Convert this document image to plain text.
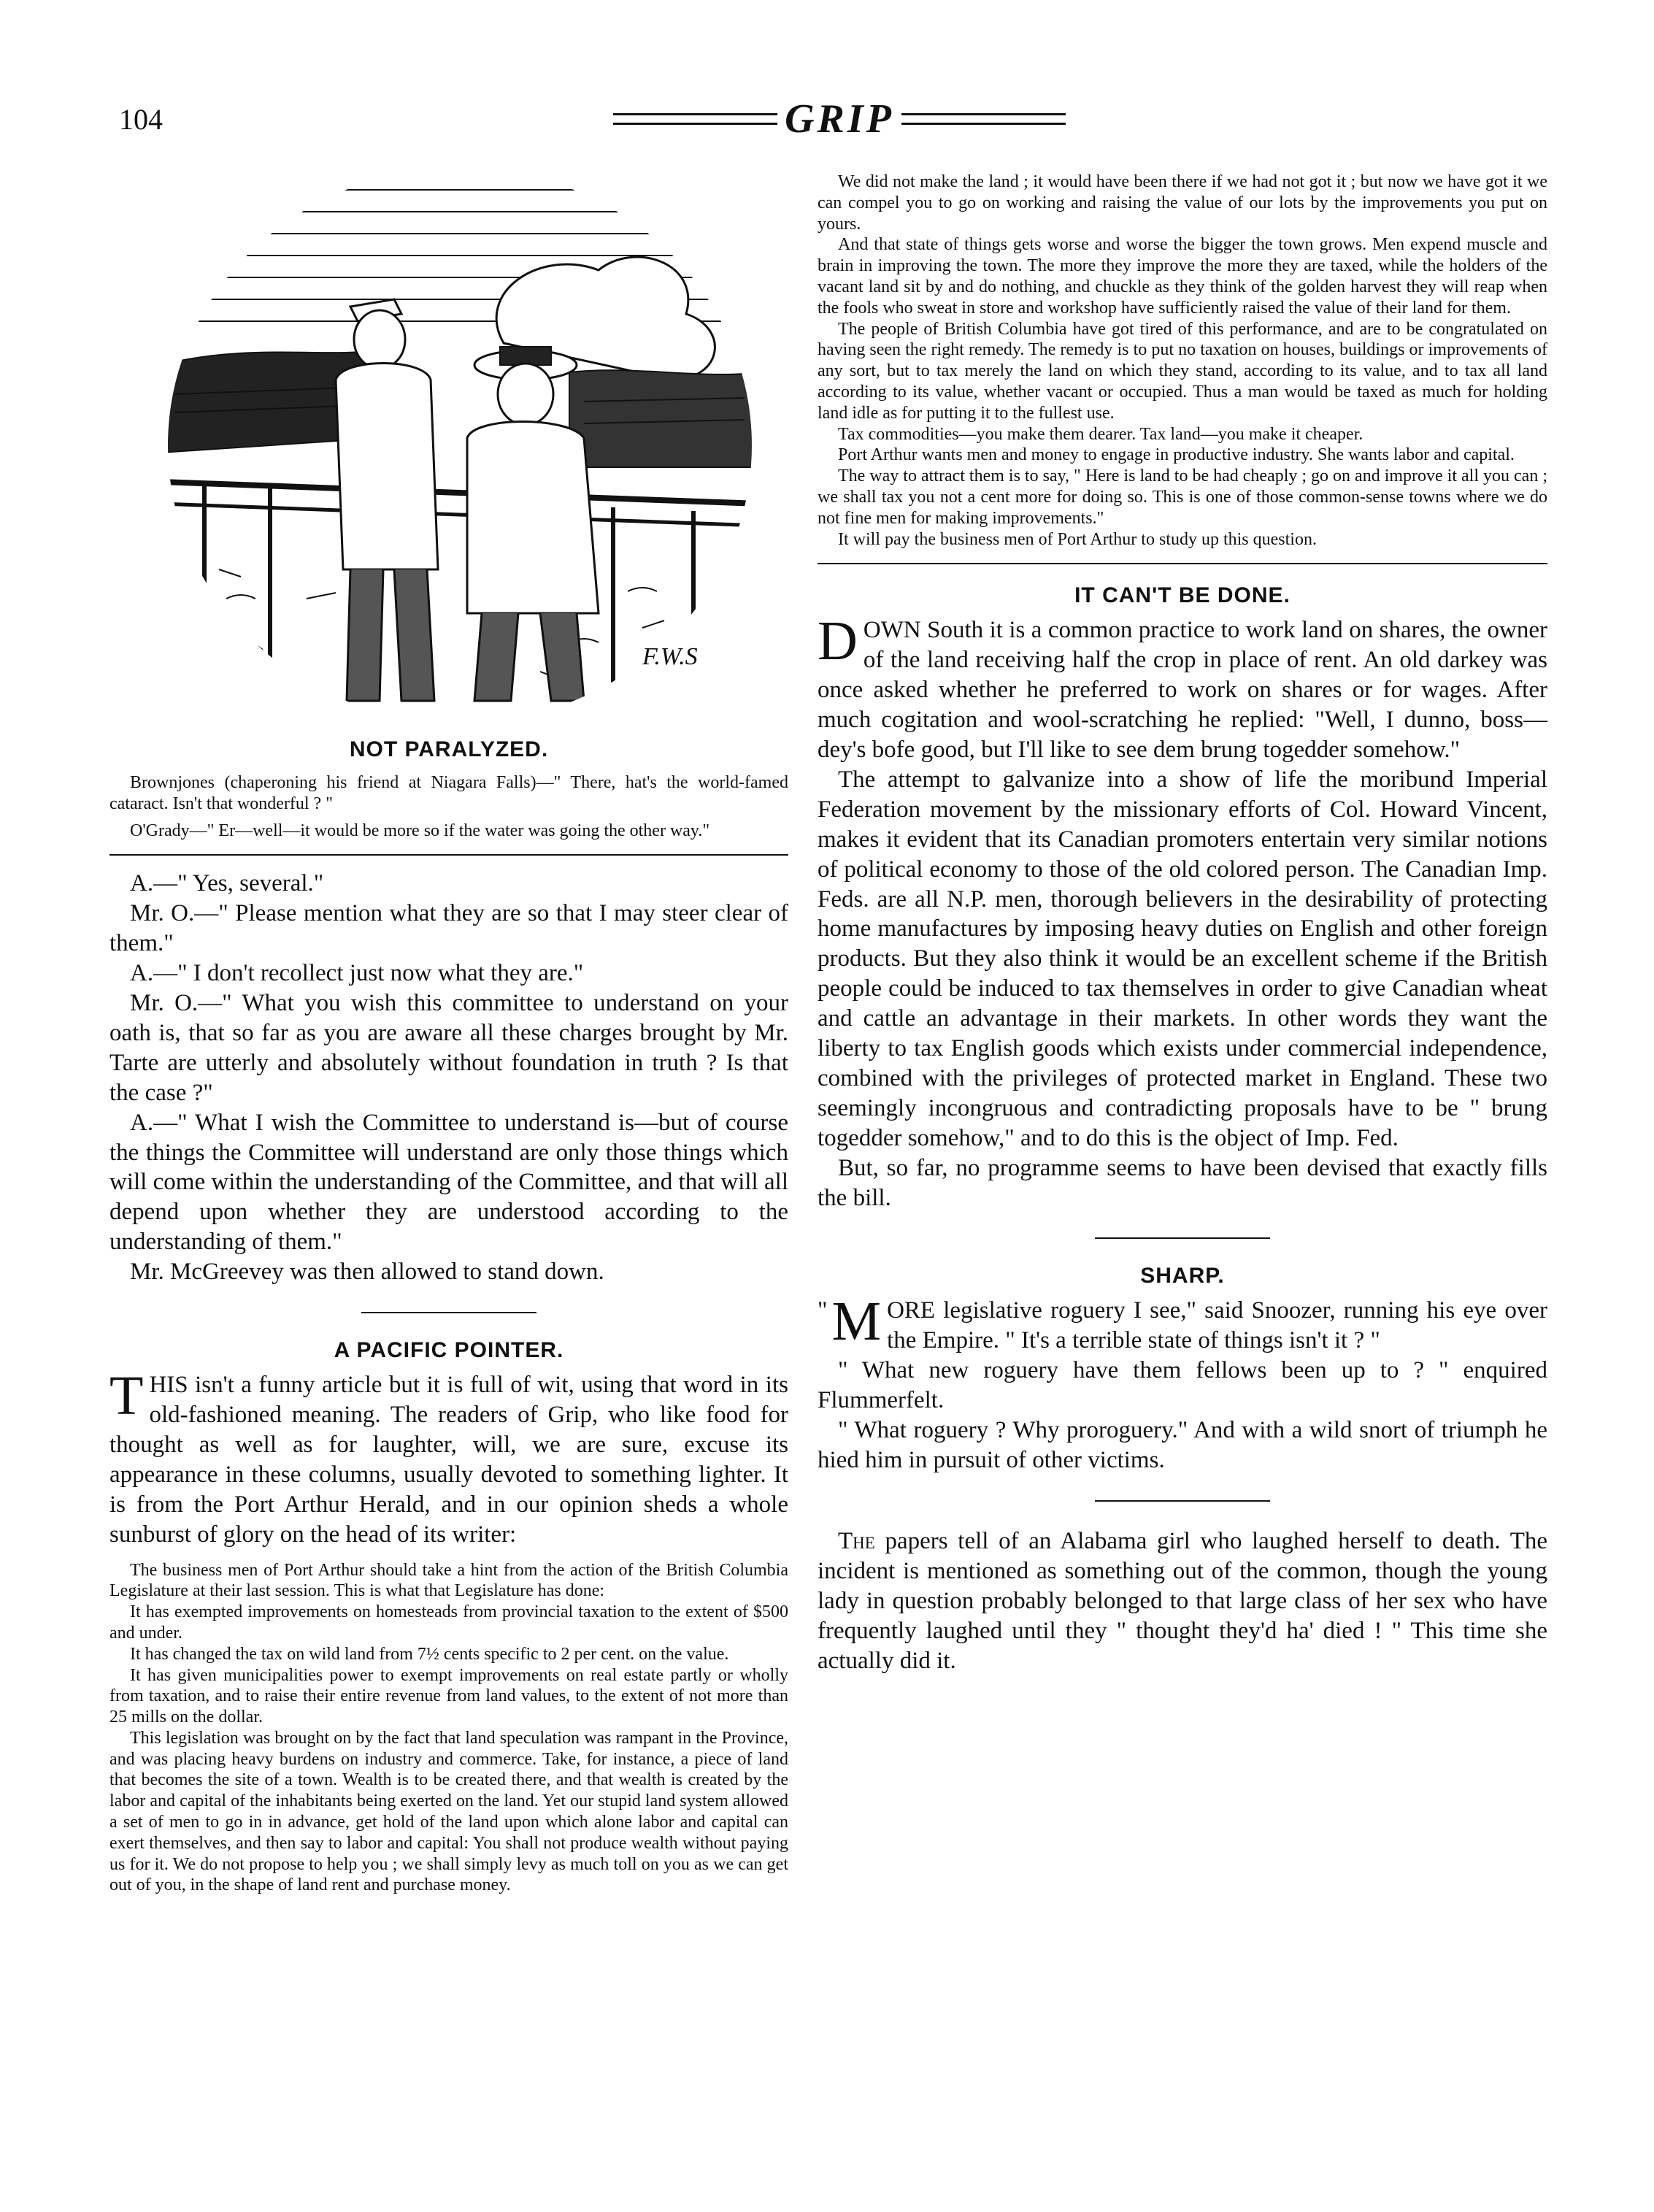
104	GRIP
F.W.S
NOT PARALYZED.

Brownjones (chaperoning his friend at Niagara Falls)—" There, hat's the world-famed cataract. Isn't that wonderful ? "

O'Grady—" Er—well—it would be more so if the water was going the other way."

A.—" Yes, several."

Mr. O.—" Please mention what they are so that I may steer clear of them."

A.—" I don't recollect just now what they are."

Mr. O.—" What you wish this committee to understand on your oath is, that so far as you are aware all these charges brought by Mr. Tarte are utterly and absolutely without foundation in truth ? Is that the case ?"

A.—" What I wish the Committee to understand is—but of course the things the Committee will understand are only those things which will come within the understanding of the Committee, and that will all depend upon whether they are understood according to the understanding of them."

Mr. McGreevey was then allowed to stand down.

A PACIFIC POINTER.

THIS isn't a funny article but it is full of wit, using that word in its old-fashioned meaning. The readers of Grip, who like food for thought as well as for laughter, will, we are sure, excuse its appearance in these columns, usually devoted to something lighter. It is from the Port Arthur Herald, and in our opinion sheds a whole sunburst of glory on the head of its writer:

The business men of Port Arthur should take a hint from the action of the British Columbia Legislature at their last session. This is what that Legislature has done:

It has exempted improvements on homesteads from provincial taxation to the extent of $500 and under.

It has changed the tax on wild land from 7½ cents specific to 2 per cent. on the value.

It has given municipalities power to exempt improvements on real estate partly or wholly from taxation, and to raise their entire revenue from land values, to the extent of not more than 25 mills on the dollar.

This legislation was brought on by the fact that land speculation was rampant in the Province, and was placing heavy burdens on industry and commerce. Take, for instance, a piece of land that becomes the site of a town. Wealth is to be created there, and that wealth is created by the labor and capital of the inhabitants being exerted on the land. Yet our stupid land system allowed a set of men to go in in advance, get hold of the land upon which alone labor and capital can exert themselves, and then say to labor and capital: You shall not produce wealth without paying us for it. We do not propose to help you ; we shall simply levy as much toll on you as we can get out of you, in the shape of land rent and purchase money.

We did not make the land ; it would have been there if we had not got it ; but now we have got it we can compel you to go on working and raising the value of our lots by the improvements you put on yours.

And that state of things gets worse and worse the bigger the town grows. Men expend muscle and brain in improving the town. The more they improve the more they are taxed, while the holders of the vacant land sit by and do nothing, and chuckle as they think of the golden harvest they will reap when the fools who sweat in store and workshop have sufficiently raised the value of their land for them.

The people of British Columbia have got tired of this performance, and are to be congratulated on having seen the right remedy. The remedy is to put no taxation on houses, buildings or improvements of any sort, but to tax merely the land on which they stand, according to its value, and to tax all land according to its value, whether vacant or occupied. Thus a man would be taxed as much for holding land idle as for putting it to the fullest use.

Tax commodities—you make them dearer. Tax land—you make it cheaper.

Port Arthur wants men and money to engage in productive industry. She wants labor and capital.

The way to attract them is to say, " Here is land to be had cheaply ; go on and improve it all you can ; we shall tax you not a cent more for doing so. This is one of those common-sense towns where we do not fine men for making improvements."

It will pay the business men of Port Arthur to study up this question.

IT CAN'T BE DONE.

DOWN South it is a common practice to work land on shares, the owner of the land receiving half the crop in place of rent. An old darkey was once asked whether he preferred to work on shares or for wages. After much cogitation and wool-scratching he replied: "Well, I dunno, boss—dey's bofe good, but I'll like to see dem brung togedder somehow."

The attempt to galvanize into a show of life the moribund Imperial Federation movement by the missionary efforts of Col. Howard Vincent, makes it evident that its Canadian promoters entertain very similar notions of political economy to those of the old colored person. The Canadian Imp. Feds. are all N.P. men, thorough believers in the desirability of protecting home manufactures by imposing heavy duties on English and other foreign products. But they also think it would be an excellent scheme if the British people could be induced to tax themselves in order to give Canadian wheat and cattle an advantage in their markets. In other words they want the liberty to tax English goods which exists under commercial independence, combined with the privileges of protected market in England. These two seemingly incongruous and contradicting proposals have to be " brung togedder somehow," and to do this is the object of Imp. Fed.

But, so far, no programme seems to have been devised that exactly fills the bill.

SHARP.

" M ORE legislative roguery I see," said Snoozer, running his eye over the Empire. " It's a terrible state of things isn't it ? "

" What new roguery have them fellows been up to ? " enquired Flummerfelt.

" What roguery ? Why proroguery." And with a wild snort of triumph he hied him in pursuit of other victims.

The papers tell of an Alabama girl who laughed herself to death. The incident is mentioned as something out of the common, though the young lady in question probably belonged to that large class of her sex who have frequently laughed until they " thought they'd ha' died ! " This time she actually did it.
